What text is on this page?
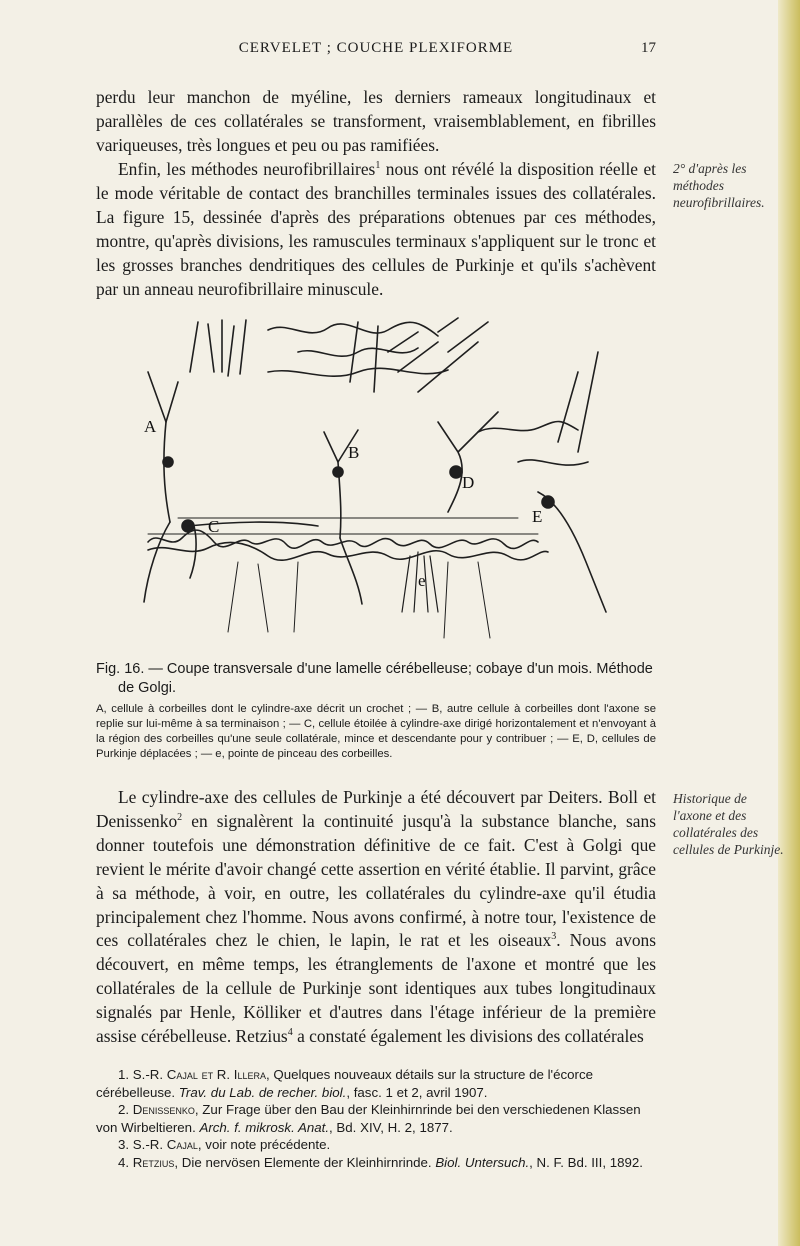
CERVELET ; COUCHE PLEXIFORME	17

perdu leur manchon de myéline, les derniers rameaux longitudinaux et parallèles de ces collatérales se transforment, vraisemblablement, en fibrilles variqueuses, très longues et peu ou pas ramifiées.

Enfin, les méthodes neurofibrillaires$^1$ nous ont révélé la disposition réelle et le mode véritable de contact des branchilles terminales issues des collatérales. La figure 15, dessinée d'après des préparations obtenues par ces méthodes, montre, qu'après divisions, les ramuscules terminaux s'appliquent sur le tronc et les grosses branches dendritiques des cellules de Purkinje et qu'ils s'achèvent par un anneau neurofibrillaire minuscule.

2° d'après les méthodes neurofibrillaires.
A
B
C
D
E
e

Fig. 16. — Coupe transversale d'une lamelle cérébelleuse; cobaye d'un mois. Méthode
de Golgi.

A, cellule à corbeilles dont le cylindre-axe décrit un crochet ; — B, autre cellule à corbeilles dont l'axone se replie sur lui-même à sa terminaison ; — C, cellule étoilée à cylindre-axe dirigé horizontalement et n'envoyant à la région des corbeilles qu'une seule collatérale, mince et descendante pour y contribuer ; — E, D, cellules de Purkinje déplacées ; — e, pointe de pinceau des corbeilles.

Le cylindre-axe des cellules de Purkinje a été découvert par Deiters. Boll et Denissenko$^2$ en signalèrent la continuité jusqu'à la substance blanche, sans donner toutefois une démonstration définitive de ce fait. C'est à Golgi que revient le mérite d'avoir changé cette assertion en vérité établie. Il parvint, grâce à sa méthode, à voir, en outre, les collatérales du cylindre-axe qu'il étudia principalement chez l'homme. Nous avons confirmé, à notre tour, l'existence de ces collatérales chez le chien, le lapin, le rat et les oiseaux$^3$. Nous avons découvert, en même temps, les étranglements de l'axone et montré que les collatérales de la cellule de Purkinje sont identiques aux tubes longitudinaux signalés par Henle, Kölliker et d'autres dans l'étage inférieur de la première assise cérébelleuse. Retzius$^4$ a constaté également les divisions des collatérales

Historique de l'axone et des collatérales des cellules de Purkinje.

1. S.-R. Cajal et R. Illera, Quelques nouveaux détails sur la structure de l'écorce cérébelleuse. Trav. du Lab. de recher. biol., fasc. 1 et 2, avril 1907.

2. Denissenko, Zur Frage über den Bau der Kleinhirnrinde bei den verschiedenen Klassen von Wirbeltieren. Arch. f. mikrosk. Anat., Bd. XIV, H. 2, 1877.

3. S.-R. Cajal, voir note précédente.

4. Retzius, Die nervösen Elemente der Kleinhirnrinde. Biol. Untersuch., N. F. Bd. III, 1892.
